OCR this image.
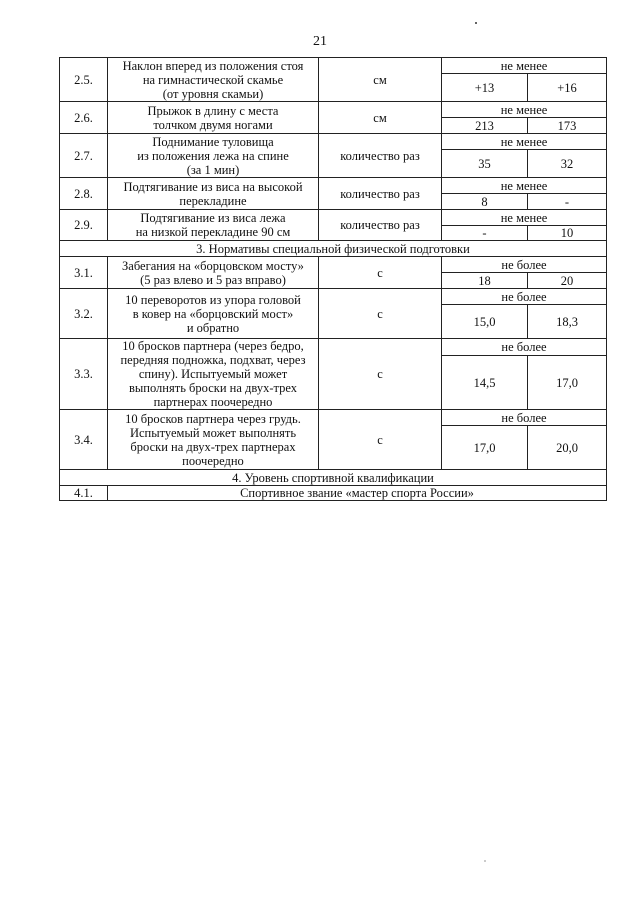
21
2.5.	Наклон вперед из положения стоя
на гимнастической скамье
(от уровня скамьи)	см	не менее	
			+13	+16
2.6.	Прыжок в длину с места
толчком двумя ногами	см	не менее	
			213	173
2.7.	Поднимание туловища
из положения лежа на спине
(за 1 мин)	количество раз	не менее	
			35	32
2.8.	Подтягивание из виса на высокой
перекладине	количество раз	не менее	
			8	-
2.9.	Подтягивание из виса лежа
на низкой перекладине 90 см	количество раз	не менее	
			-	10
3. Нормативы специальной физической подготовки				
3.1.	Забегания на «борцовском мосту»
(5 раз влево и 5 раз вправо)	с	не более	
			18	20
3.2.	10 переворотов из упора головой
в ковер на «борцовский мост»
и обратно	с	не более	
			15,0	18,3
3.3.	10 бросков партнера (через бедро,
передняя подножка, подхват, через
спину). Испытуемый может
выполнять броски на двух-трех
партнерах поочередно	с	не более	
			14,5	17,0
3.4.	10 бросков партнера через грудь.
Испытуемый может выполнять
броски на двух-трех партнерах
поочередно	с	не более	
			17,0	20,0
4. Уровень спортивной квалификации				
4.1.	Спортивное звание «мастер спорта России»			
